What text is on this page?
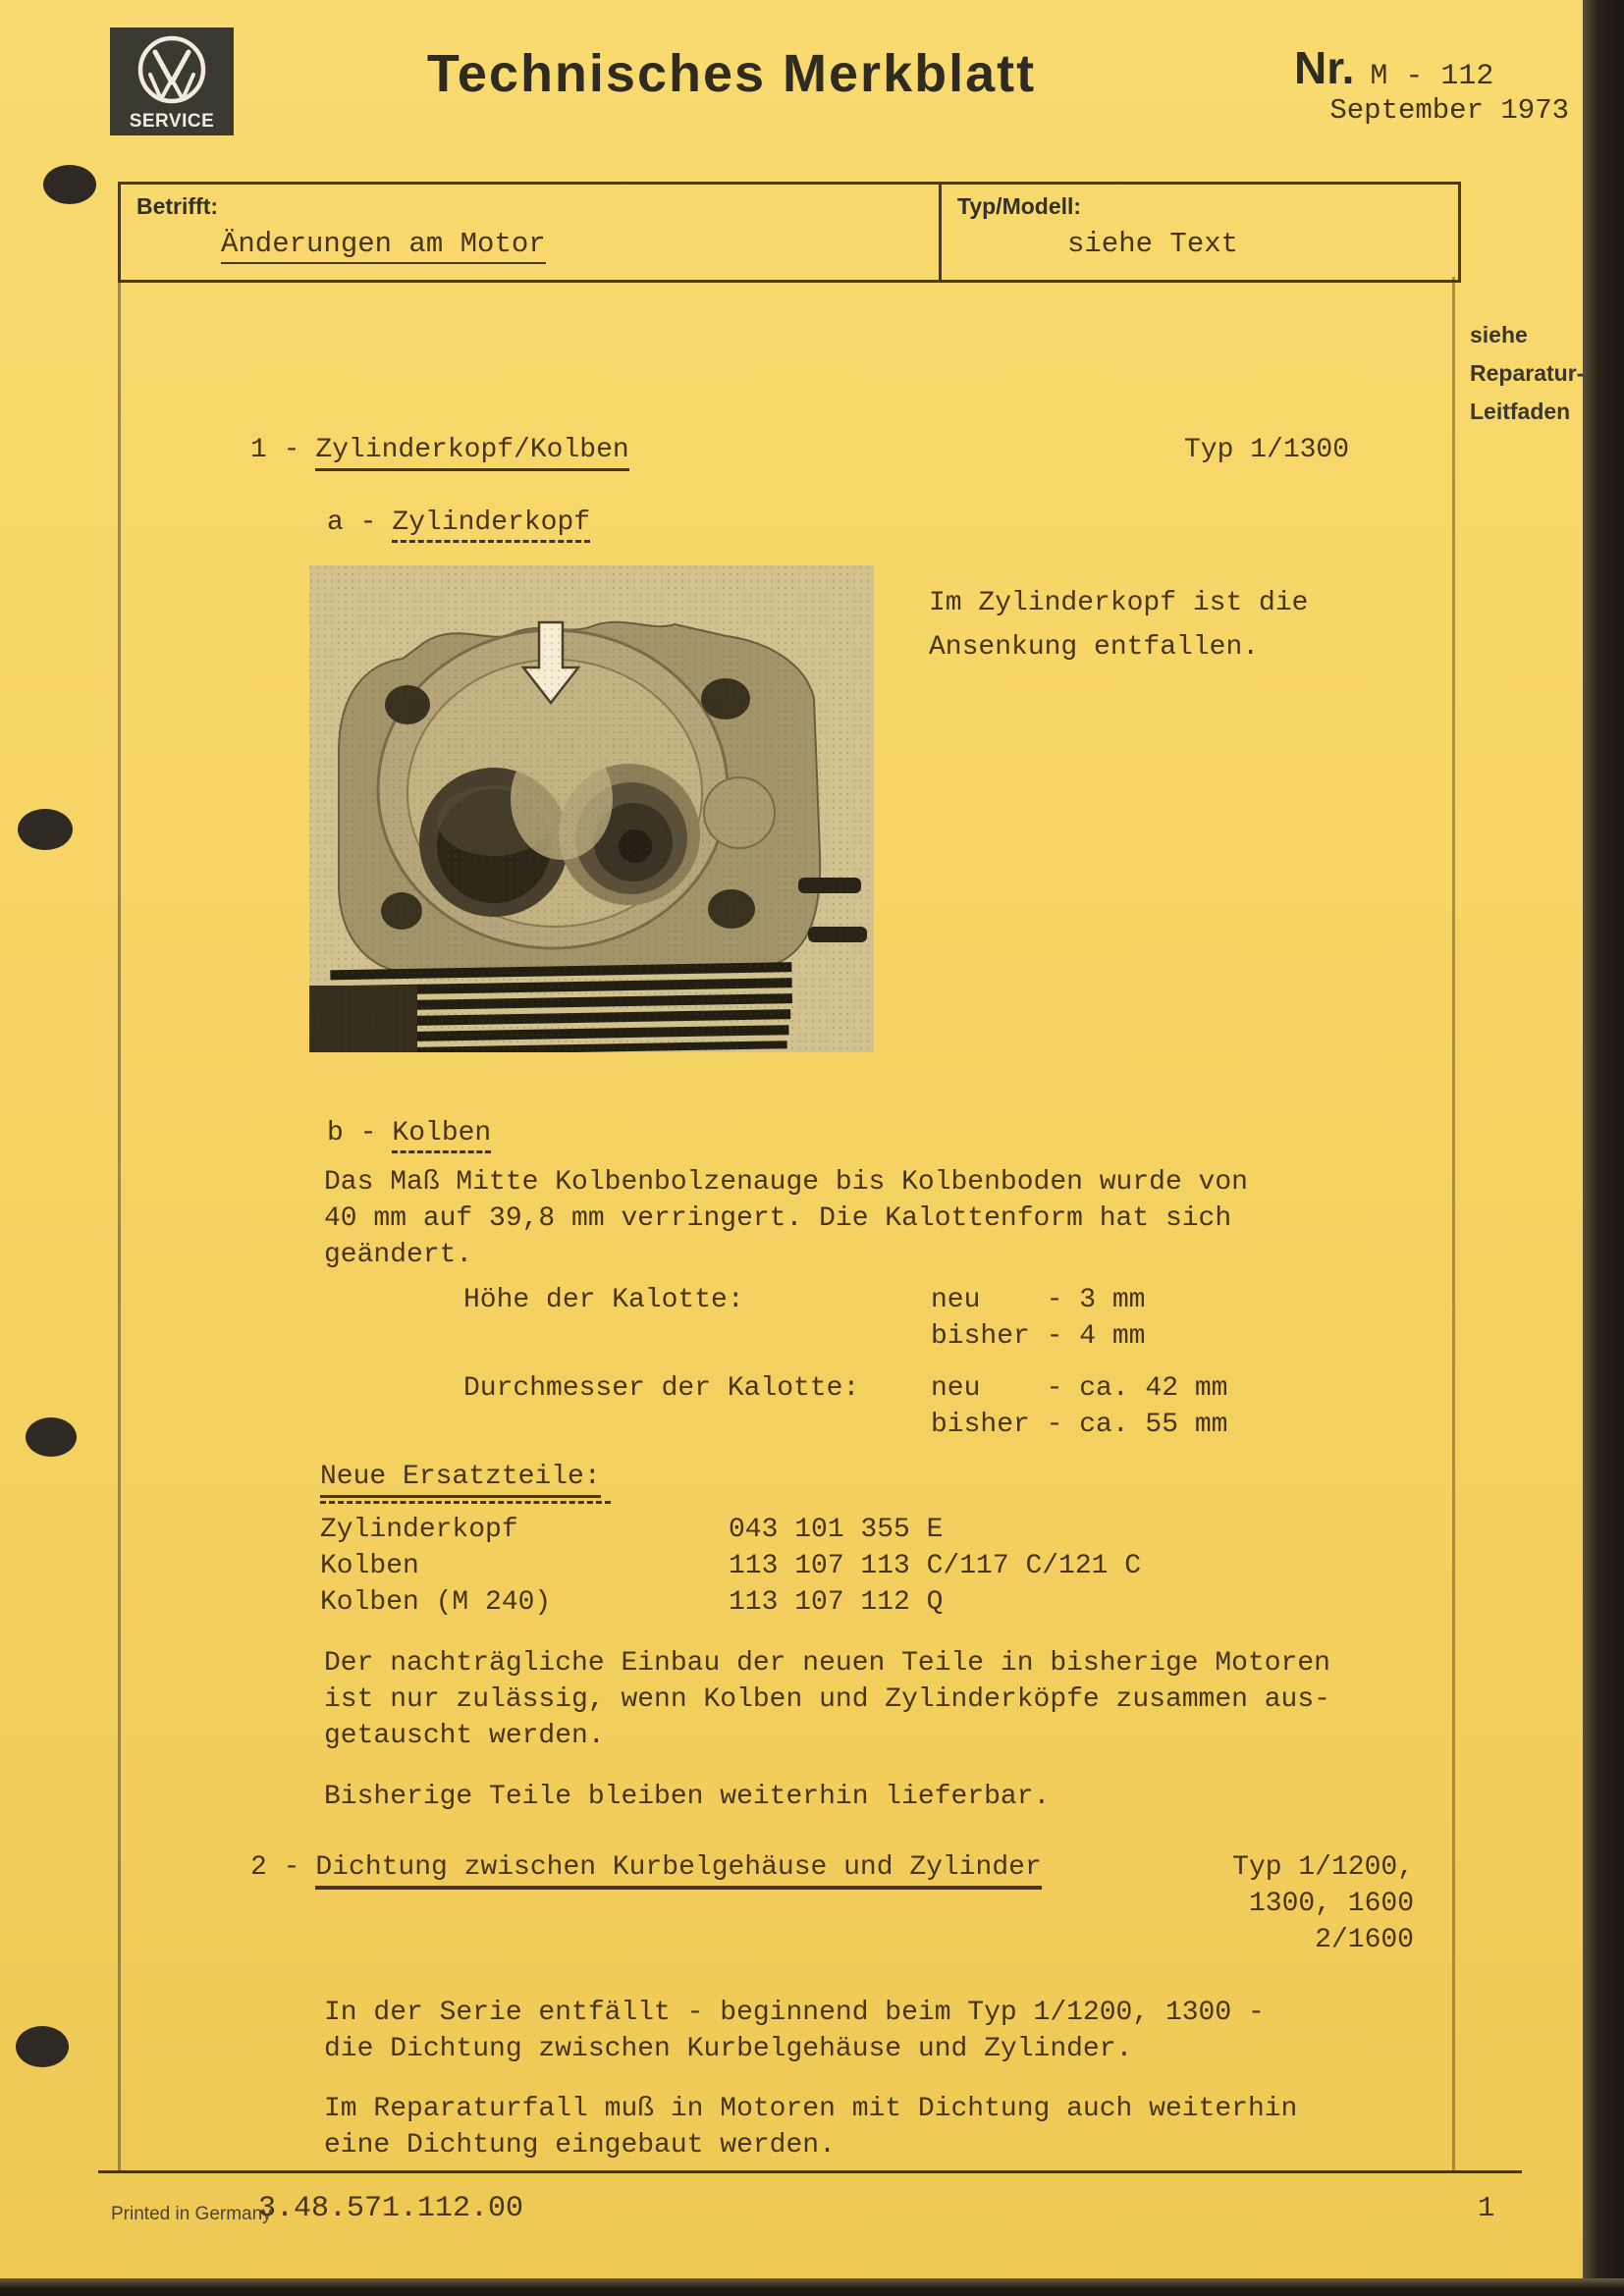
SERVICE
Technisches Merkblatt	Nr. M - 112
September 1973
Betrifft:
Änderungen am Motor
Typ/Modell:
siehe Text
siehe
Reparatur-
Leitfaden
1 - Zylinderkopf/Kolben	Typ 1/1300
a - Zylinderkopf
Im Zylinderkopf ist die
Ansenkung entfallen.
b - Kolben
Das Maß Mitte Kolbenbolzenauge bis Kolbenboden wurde von
40 mm auf 39,8 mm verringert. Die Kalottenform hat sich
geändert.
Höhe der Kalotte:	neu    - 3 mm
bisher - 4 mm
Durchmesser der Kalotte:	neu    - ca. 42 mm
bisher - ca. 55 mm
Neue Ersatzteile:
Zylinderkopf	043 101 355 E
Kolben	113 107 113 C/117 C/121 C
Kolben (M 240)	113 107 112 Q
Der nachträgliche Einbau der neuen Teile in bisherige Motoren
ist nur zulässig, wenn Kolben und Zylinderköpfe zusammen aus-
getauscht werden.
Bisherige Teile bleiben weiterhin lieferbar.
2 - Dichtung zwischen Kurbelgehäuse und Zylinder	Typ 1/1200,
1300, 1600
2/1600
In der Serie entfällt - beginnend beim Typ 1/1200, 1300 -
die Dichtung zwischen Kurbelgehäuse und Zylinder.
Im Reparaturfall muß in Motoren mit Dichtung auch weiterhin
eine Dichtung eingebaut werden.
Printed in Germany
3.48.571.112.00	1
